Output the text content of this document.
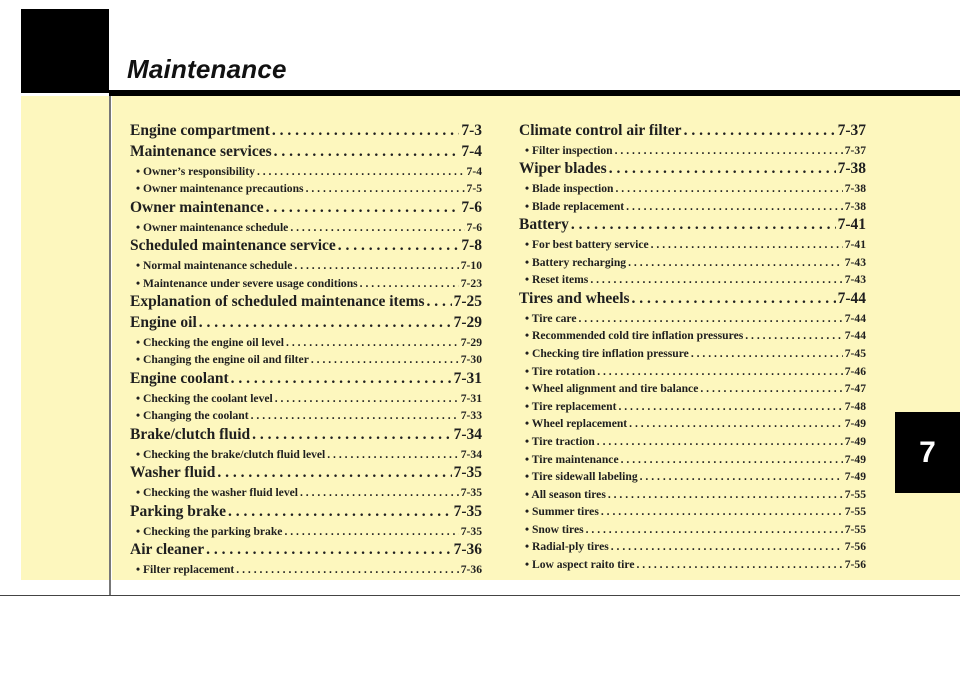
Maintenance
7
Engine compartment . . .	7-3
Maintenance services . . .	7-4
• Owner’s responsibility . . .	7-4
• Owner maintenance precautions . . .	7-5
Owner maintenance . . .	7-6
• Owner maintenance schedule . . .	7-6
Scheduled maintenance service . . .	7-8
• Normal maintenance schedule . . .	7-10
• Maintenance under severe usage conditions . . .	7-23
Explanation of scheduled maintenance items . . . 7-25
Engine oil . . .	7-29
• Checking the engine oil level . . .	7-29
• Changing the engine oil and filter . . .	7-30
Engine coolant . . .	7-31
• Checking the coolant level . . .	7-31
• Changing the coolant . . .	7-33
Brake/clutch fluid . . .	7-34
• Checking the brake/clutch fluid level . . .	7-34
Washer fluid . . .	7-35
• Checking the washer fluid level . . .	7-35
Parking brake . . .	7-35
• Checking the parking brake . . .	7-35
Air cleaner . . .	7-36
• Filter replacement . . .	7-36
Climate control air filter . . .	7-37
• Filter inspection . . .	7-37
Wiper blades . . .	7-38
• Blade inspection . . .	7-38
• Blade replacement . . .	7-38
Battery . . .	7-41
• For best battery service . . .	7-41
• Battery recharging . . .	7-43
• Reset items . . .	7-43
Tires and wheels . . .	7-44
• Tire care . . .	7-44
• Recommended cold tire inflation pressures . . .	7-44
• Checking tire inflation pressure . . .	7-45
• Tire rotation . . .	7-46
• Wheel alignment and tire balance . . .	7-47
• Tire replacement . . .	7-48
• Wheel replacement . . .	7-49
• Tire traction . . .	7-49
• Tire maintenance . . .	7-49
• Tire sidewall labeling . . .	7-49
• All season tires . . .	7-55
• Summer tires . . .	7-55
• Snow tires . . .	7-55
• Radial-ply tires . . .	7-56
• Low aspect raito tire . . .	7-56
